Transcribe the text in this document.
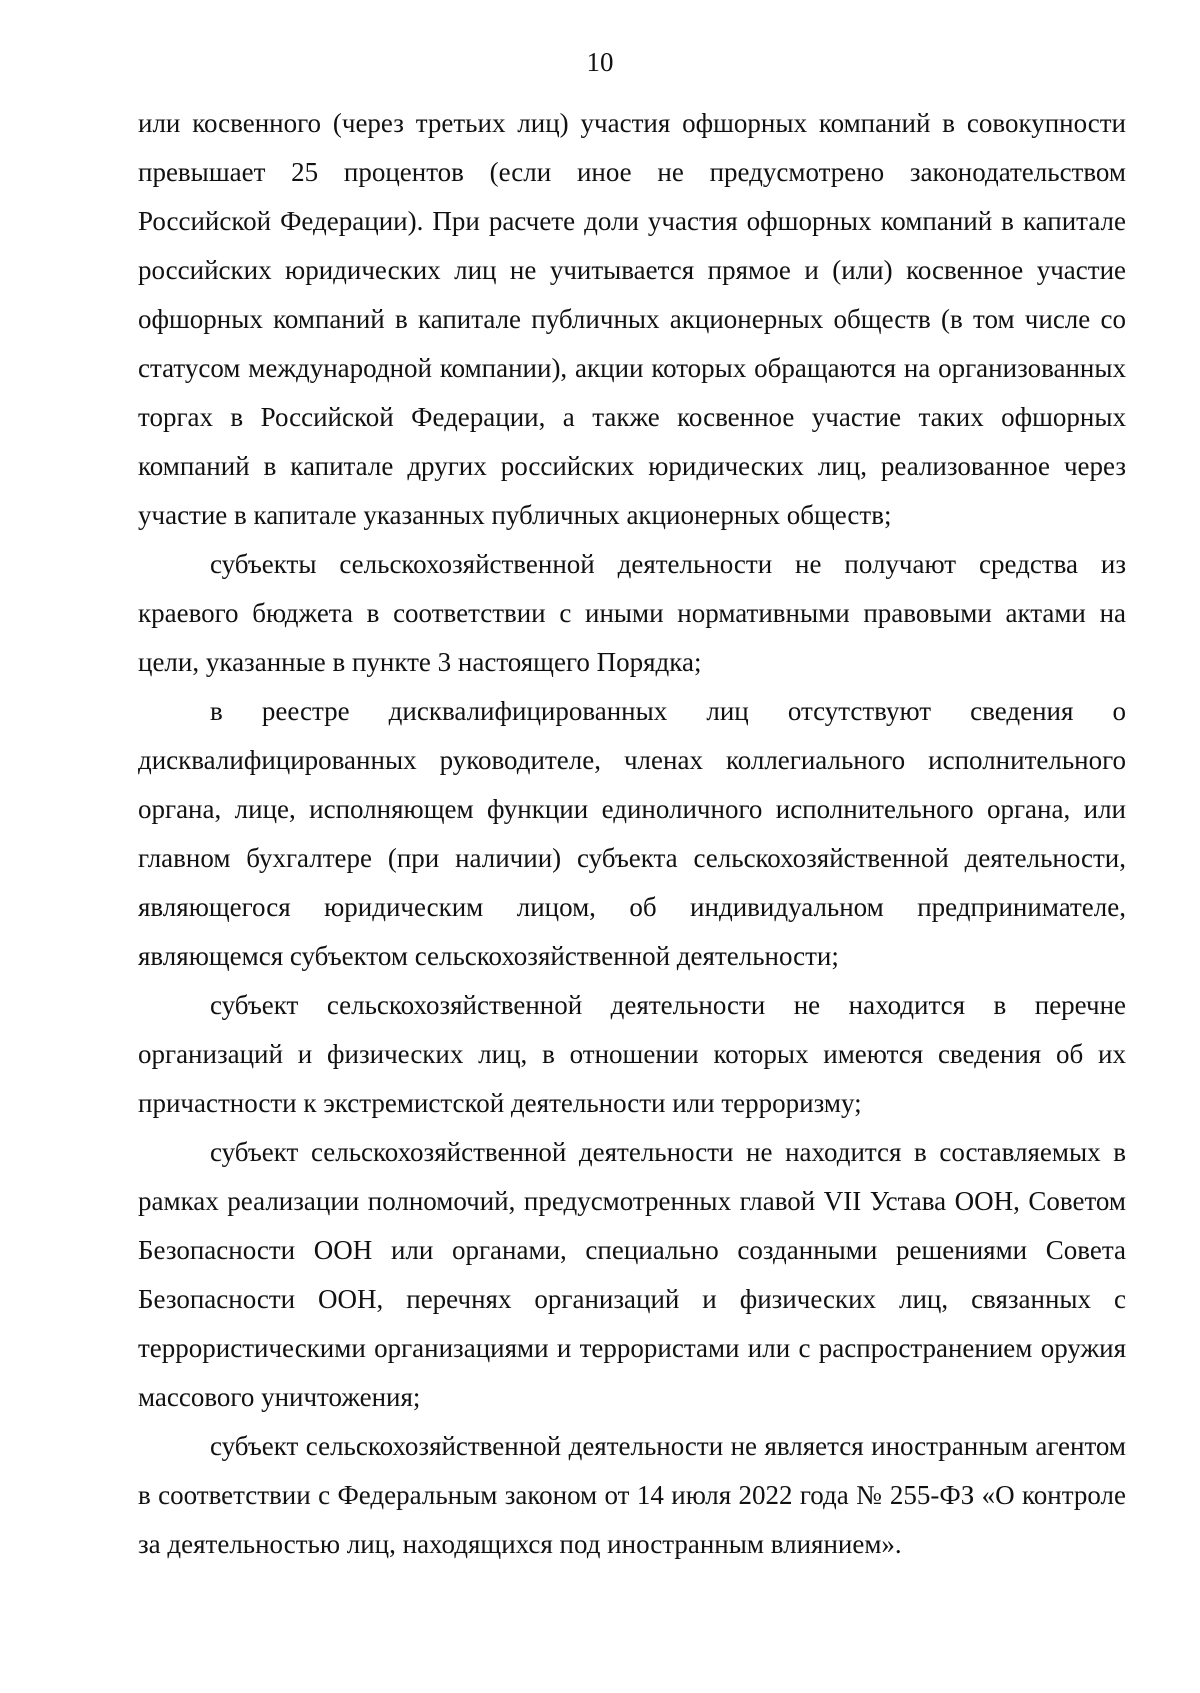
10

или косвенного (через третьих лиц) участия офшорных компаний в совокупности превышает 25 процентов (если иное не предусмотрено законодательством Российской Федерации). При расчете доли участия офшорных компаний в капитале российских юридических лиц не учитывается прямое и (или) косвенное участие офшорных компаний в капитале публичных акционерных обществ (в том числе со статусом международной компании), акции которых обращаются на организованных торгах в Российской Федерации, а также косвенное участие таких офшорных компаний в капитале других российских юридических лиц, реализованное через участие в капитале указанных публичных акционерных обществ;

субъекты сельскохозяйственной деятельности не получают средства из краевого бюджета в соответствии с иными нормативными правовыми актами на цели, указанные в пункте 3 настоящего Порядка;

в реестре дисквалифицированных лиц отсутствуют сведения о дисквалифицированных руководителе, членах коллегиального исполнительного органа, лице, исполняющем функции единоличного исполнительного органа, или главном бухгалтере (при наличии) субъекта сельскохозяйственной деятельности, являющегося юридическим лицом, об индивидуальном предпринимателе, являющемся субъектом сельскохозяйственной деятельности;

субъект сельскохозяйственной деятельности не находится в перечне организаций и физических лиц, в отношении которых имеются сведения об их причастности к экстремистской деятельности или терроризму;

субъект сельскохозяйственной деятельности не находится в составляемых в рамках реализации полномочий, предусмотренных главой VII Устава ООН, Советом Безопасности ООН или органами, специально созданными решениями Совета Безопасности ООН, перечнях организаций и физических лиц, связанных с террористическими организациями и террористами или с распространением оружия массового уничтожения;

субъект сельскохозяйственной деятельности не является иностранным агентом в соответствии с Федеральным законом от 14 июля 2022 года № 255-ФЗ «О контроле за деятельностью лиц, находящихся под иностранным влиянием».
